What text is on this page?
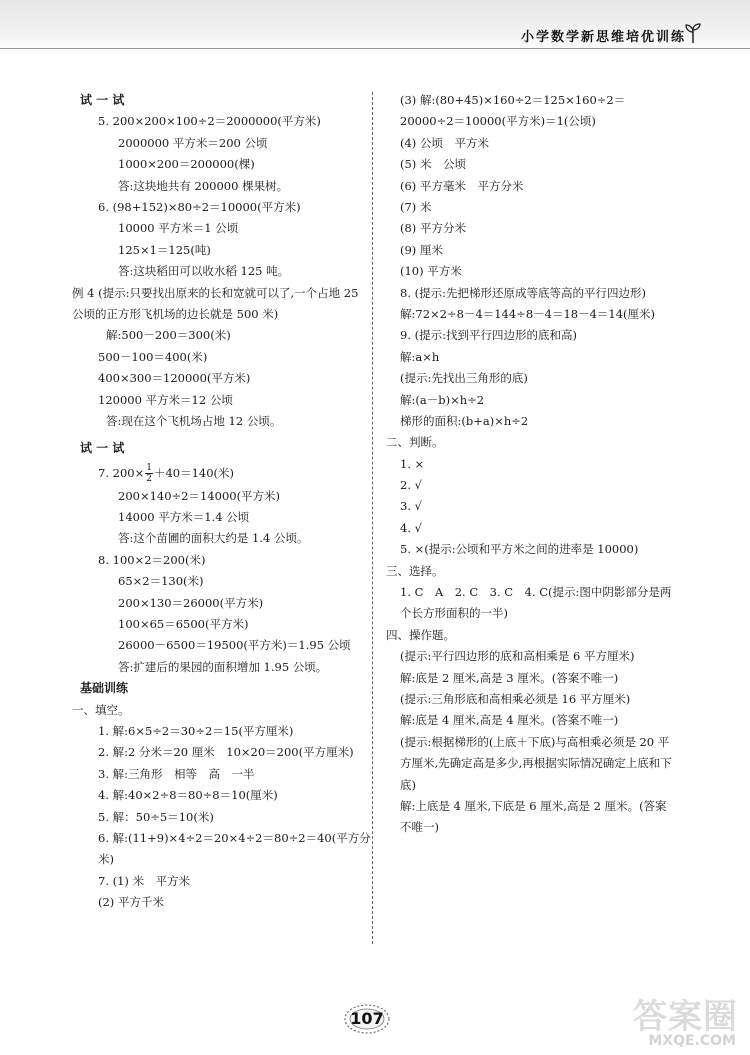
小学数学新思维培优训练
试 一 试
5. 200×200×100÷2＝2000000(平方米)
2000000 平方米＝200 公顷
1000×200＝200000(棵)
答:这块地共有 200000 棵果树。
6. (98+152)×80÷2＝10000(平方米)
10000 平方米＝1 公顷
125×1＝125(吨)
答:这块稻田可以收水稻 125 吨。
例 4 (提示:只要找出原来的长和宽就可以了,一个占地 25 公顷的正方形飞机场的边长就是 500 米)
解:500－200＝300(米)
500－100＝400(米)
400×300＝120000(平方米)
120000 平方米＝12 公顷
答:现在这个飞机场占地 12 公顷。
试 一 试
7. $200\times \frac{1}{2} +40=140$(米)
200×140÷2＝14000(平方米)
14000 平方米＝1.4 公顷
答:这个苗圃的面积大约是 1.4 公顷。
8. 100×2＝200(米)
65×2＝130(米)
200×130＝26000(平方米)
100×65＝6500(平方米)
26000－6500＝19500(平方米)＝1.95 公顷
答:扩建后的果园的面积增加 1.95 公顷。
基础训练
一、填空。
1. 解:6×5÷2＝30÷2＝15(平方厘米)
2. 解:2 分米＝20 厘米　10×20＝200(平方厘米)
3. 解:三角形　相等　高　一半
4. 解:40×2÷8＝80÷8＝10(厘米)
5. 解：50÷5＝10(米)
6. 解:(11+9)×4÷2＝20×4÷2＝80÷2＝40(平方分米)
7. (1) 米　平方米
(2) 平方千米
(3) 解:(80+45)×160÷2＝125×160÷2＝20000÷2＝10000(平方米)＝1(公顷)
(4) 公顷　平方米
(5) 米　公顷
(6) 平方毫米　平方分米
(7) 米
(8) 平方分米
(9) 厘米
(10) 平方米
8. (提示:先把梯形还原成等底等高的平行四边形)
解:72×2÷8－4＝144÷8－4＝18－4＝14(厘米)
9. (提示:找到平行四边形的底和高)
解:a×h
(提示:先找出三角形的底)
解:(a－b)×h÷2
梯形的面积:(b+a)×h÷2
二、判断。
1. ×
2. √
3. √
4. √
5. ×(提示:公顷和平方米之间的进率是 10000)
三、选择。
1. C　A　2. C　3. C　4. C(提示:图中阴影部分是两个长方形面积的一半)
四、操作题。
(提示:平行四边形的底和高相乘是 6 平方厘米)
解:底是 2 厘米,高是 3 厘米。(答案不唯一)
(提示:三角形底和高相乘必须是 16 平方厘米)
解:底是 4 厘米,高是 4 厘米。(答案不唯一)
(提示:根据梯形的(上底＋下底)与高相乘必须是 20 平方厘米,先确定高是多少,再根据实际情况确定上底和下底)
解:上底是 4 厘米,下底是 6 厘米,高是 2 厘米。(答案不唯一)
107	答案圈
MXQE.COM
